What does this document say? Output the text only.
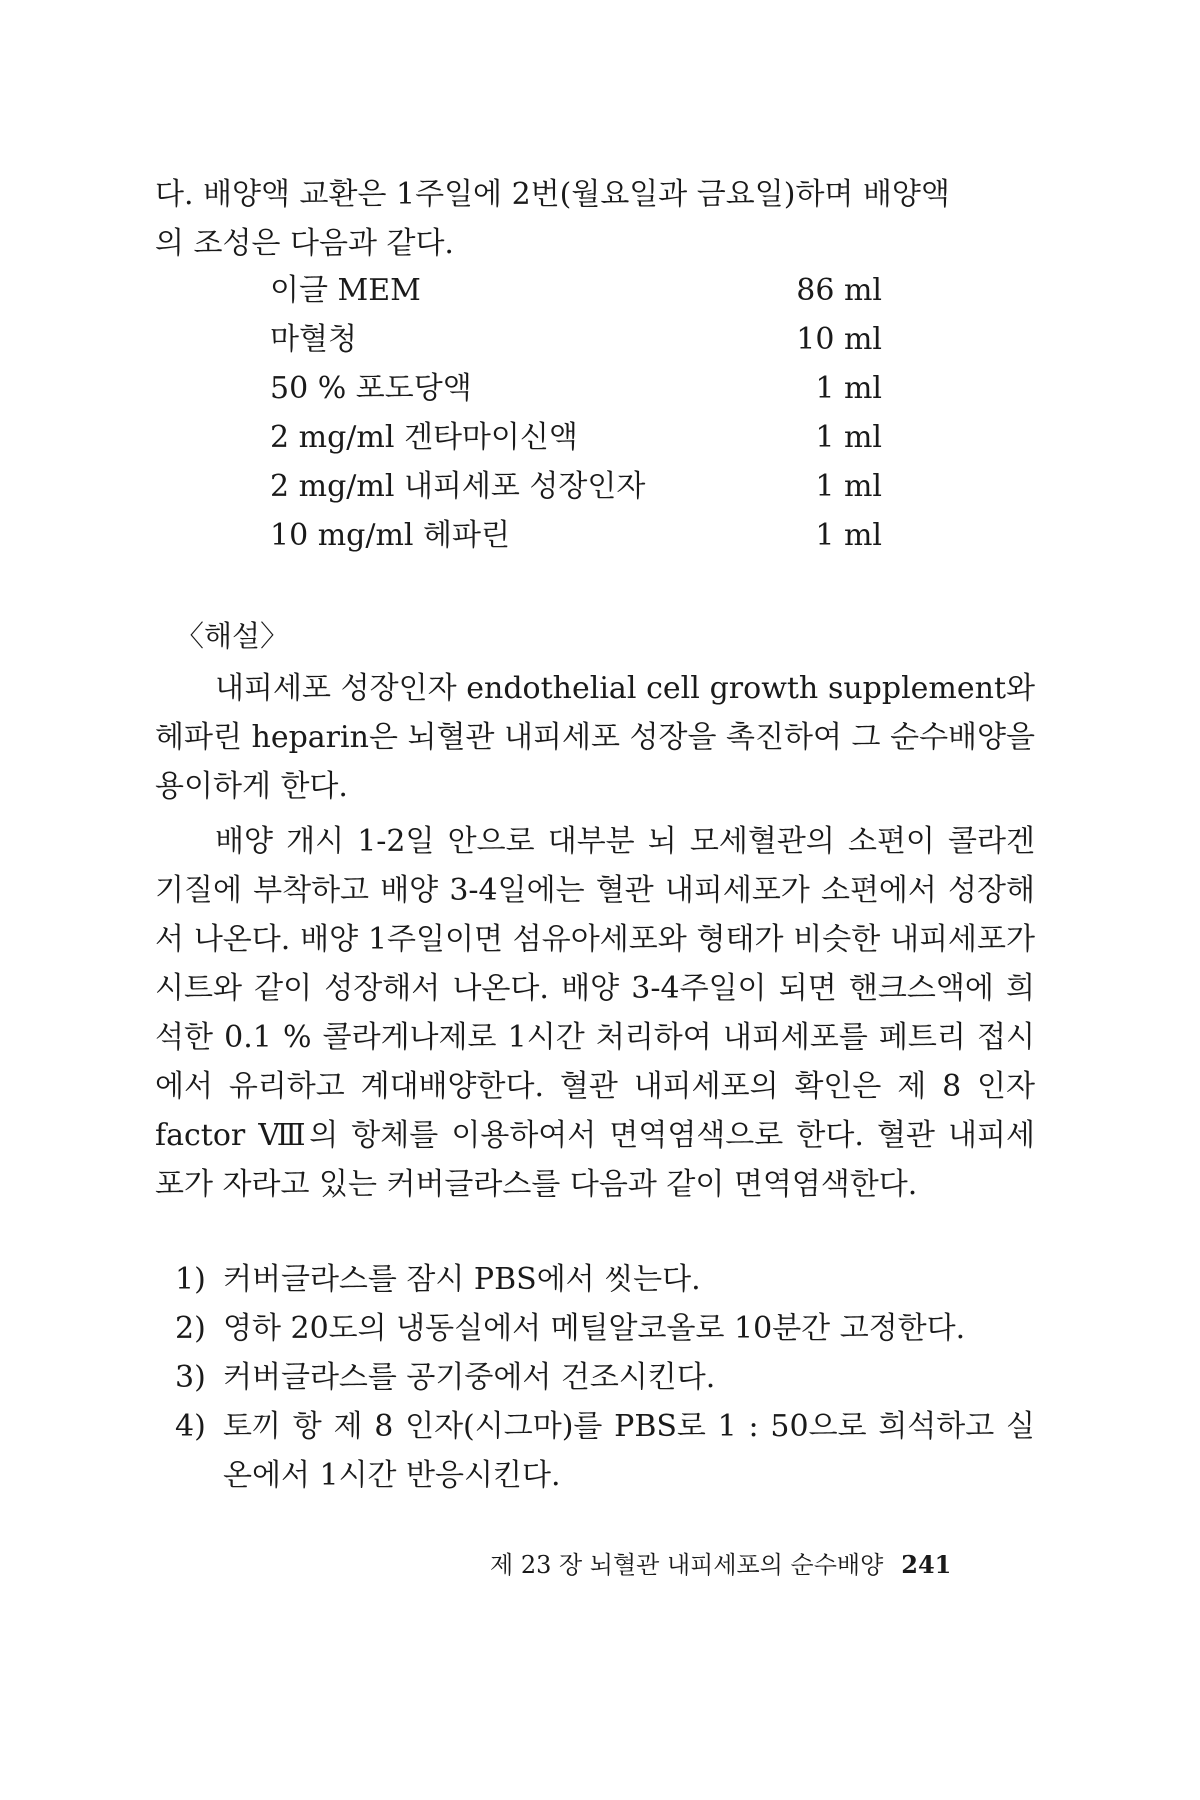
다. 배양액 교환은 1주일에 2번(월요일과 금요일)하며 배양액
의 조성은 다음과 같다.
이글 MEM	86 ml
마혈청	10 ml
50 % 포도당액	1 ml
2 mg/ml 겐타마이신액	1 ml
2 mg/ml 내피세포 성장인자	1 ml
10 mg/ml 헤파린	1 ml
〈해설〉

내피세포 성장인자 endothelial cell growth supplement와 헤파린 heparin은 뇌혈관 내피세포 성장을 촉진하여 그 순수배양을 용이하게 한다.

배양 개시 1-2일 안으로 대부분 뇌 모세혈관의 소편이 콜라겐 기질에 부착하고 배양 3-4일에는 혈관 내피세포가 소편에서 성장해서 나온다. 배양 1주일이면 섬유아세포와 형태가 비슷한 내피세포가 시트와 같이 성장해서 나온다. 배양 3-4주일이 되면 핸크스액에 희석한 0.1 % 콜라게나제로 1시간 처리하여 내피세포를 페트리 접시에서 유리하고 계대배양한다. 혈관 내피세포의 확인은 제 8 인자 factor Ⅷ의 항체를 이용하여서 면역염색으로 한다. 혈관 내피세포가 자라고 있는 커버글라스를 다음과 같이 면역염색한다.

1) 커버글라스를 잠시 PBS에서 씻는다.
2) 영하 20도의 냉동실에서 메틸알코올로 10분간 고정한다.
3) 커버글라스를 공기중에서 건조시킨다.
4) 토끼 항 제 8 인자(시그마)를 PBS로 1 : 50으로 희석하고 실온에서 1시간 반응시킨다.
제 23 장 뇌혈관 내피세포의 순수배양 241
